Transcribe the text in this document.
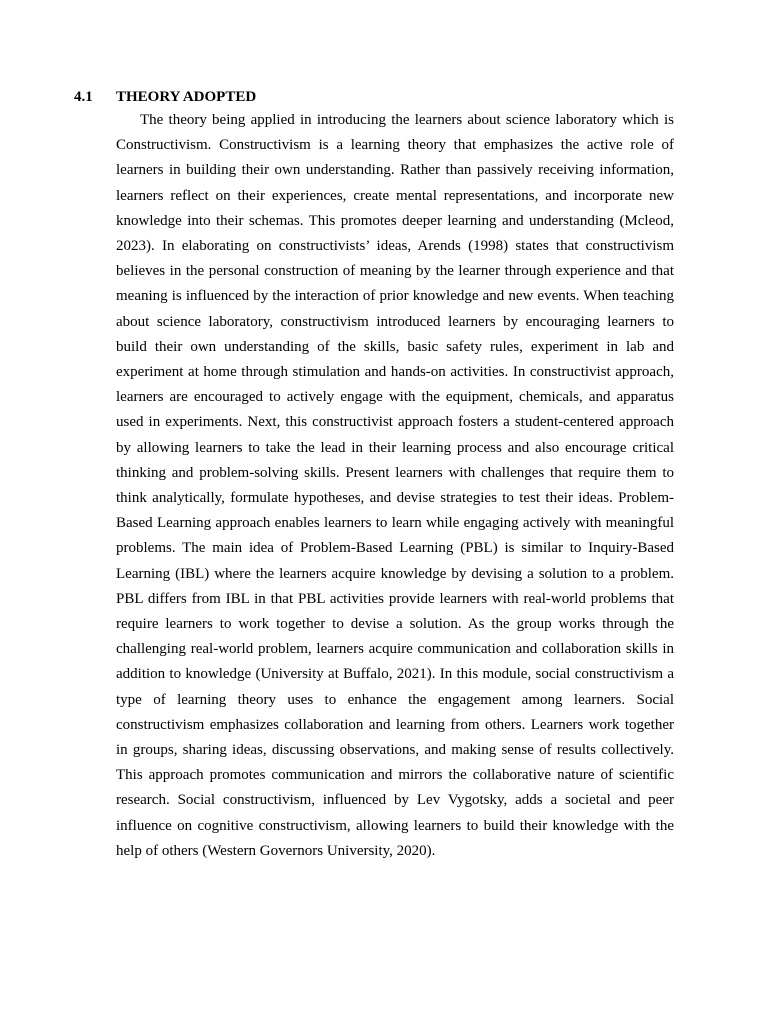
4.1 THEORY ADOPTED

The theory being applied in introducing the learners about science laboratory which is Constructivism. Constructivism is a learning theory that emphasizes the active role of learners in building their own understanding. Rather than passively receiving information, learners reflect on their experiences, create mental representations, and incorporate new knowledge into their schemas. This promotes deeper learning and understanding (Mcleod, 2023). In elaborating on constructivists’ ideas, Arends (1998) states that constructivism believes in the personal construction of meaning by the learner through experience and that meaning is influenced by the interaction of prior knowledge and new events. When teaching about science laboratory, constructivism introduced learners by encouraging learners to build their own understanding of the skills, basic safety rules, experiment in lab and experiment at home through stimulation and hands-on activities. In constructivist approach, learners are encouraged to actively engage with the equipment, chemicals, and apparatus used in experiments. Next, this constructivist approach fosters a student-centered approach by allowing learners to take the lead in their learning process and also encourage critical thinking and problem-solving skills. Present learners with challenges that require them to think analytically, formulate hypotheses, and devise strategies to test their ideas. Problem-Based Learning approach enables learners to learn while engaging actively with meaningful problems. The main idea of Problem-Based Learning (PBL) is similar to Inquiry-Based Learning (IBL) where the learners acquire knowledge by devising a solution to a problem. PBL differs from IBL in that PBL activities provide learners with real-world problems that require learners to work together to devise a solution. As the group works through the challenging real-world problem, learners acquire communication and collaboration skills in addition to knowledge (University at Buffalo, 2021). In this module, social constructivism a type of learning theory uses to enhance the engagement among learners. Social constructivism emphasizes collaboration and learning from others. Learners work together in groups, sharing ideas, discussing observations, and making sense of results collectively. This approach promotes communication and mirrors the collaborative nature of scientific research. Social constructivism, influenced by Lev Vygotsky, adds a societal and peer influence on cognitive constructivism, allowing learners to build their knowledge with the help of others (Western Governors University, 2020).
